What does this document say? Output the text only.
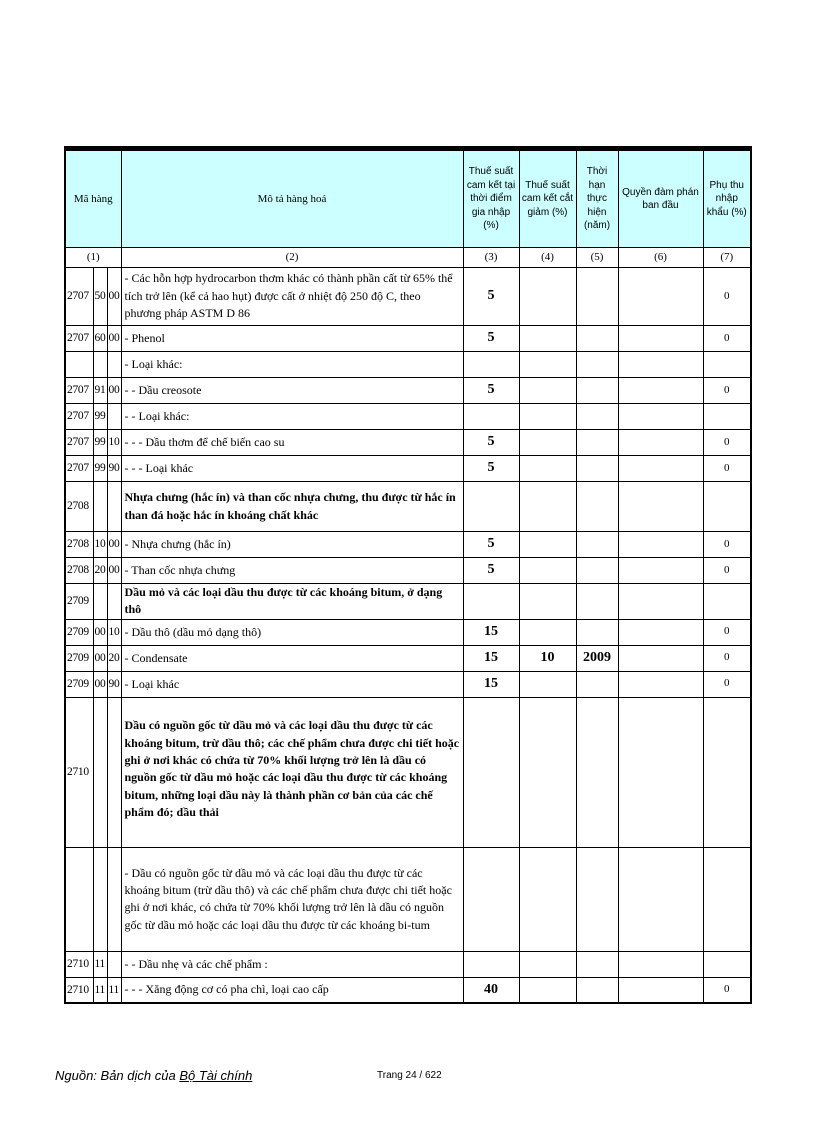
Mã hàng			Mô tả hàng hoá	Thuế suất cam kết tại thời điểm gia nhập (%)	Thuế suất cam kết cắt giảm (%)	Thời hạn thực hiện (năm)	Quyền đàm phán ban đầu	Phụ thu nhập khẩu (%)
(1)			(2)	(3)	(4)	(5)	(6)	(7)
2707	50	00	- Các hỗn hợp hydrocarbon thơm khác có thành phần cất từ 65% thể tích trở lên (kể cả hao hụt) được cất ở nhiệt độ 250 độ C, theo phương pháp ASTM D 86	5				0
2707	60	00	- Phenol	5				0
			- Loại khác:					
2707	91	00	- - Dầu creosote	5				0
2707	99		- - Loại khác:					
2707	99	10	- - - Dầu thơm để chế biến cao su	5				0
2707	99	90	- - - Loại khác	5				0
2708			Nhựa chưng (hắc ín) và than cốc nhựa chưng, thu được từ hắc ín than đá hoặc hắc ín khoáng chất khác					
2708	10	00	- Nhựa chưng (hắc ín)	5				0
2708	20	00	- Than cốc nhựa chưng	5				0
2709			Dầu mỏ và các loại dầu thu được từ các khoáng bitum, ở dạng thô					
2709	00	10	- Dầu thô (dầu mỏ dạng thô)	15				0
2709	00	20	- Condensate	15	10	2009		0
2709	00	90	- Loại khác	15				0
2710			Dầu có nguồn gốc từ dầu mỏ và các loại dầu thu được từ các khoáng bitum, trừ dầu thô; các chế phẩm chưa được chi tiết hoặc ghi ở nơi khác có chứa từ 70% khối lượng trở lên là dầu có nguồn gốc từ dầu mỏ hoặc các loại dầu thu được từ các khoáng bitum, những loại dầu này là thành phần cơ bản của các chế phẩm đó; dầu thải					
			- Dầu có nguồn gốc từ dầu mỏ và các loại dầu thu được từ các khoáng bitum (trừ dầu thô) và các chế phẩm chưa được chi tiết hoặc ghi ở nơi khác, có chứa từ 70% khối lượng trở lên là dầu có nguồn gốc từ dầu mỏ hoặc các loại dầu thu được từ các khoáng bi-tum					
2710	11		- - Dầu nhẹ và các chế phẩm :					
2710	11	11	- - - Xăng động cơ có pha chì, loại cao cấp	40				0
Nguồn: Bản dịch của Bộ Tài chính	Trang 24 / 622
